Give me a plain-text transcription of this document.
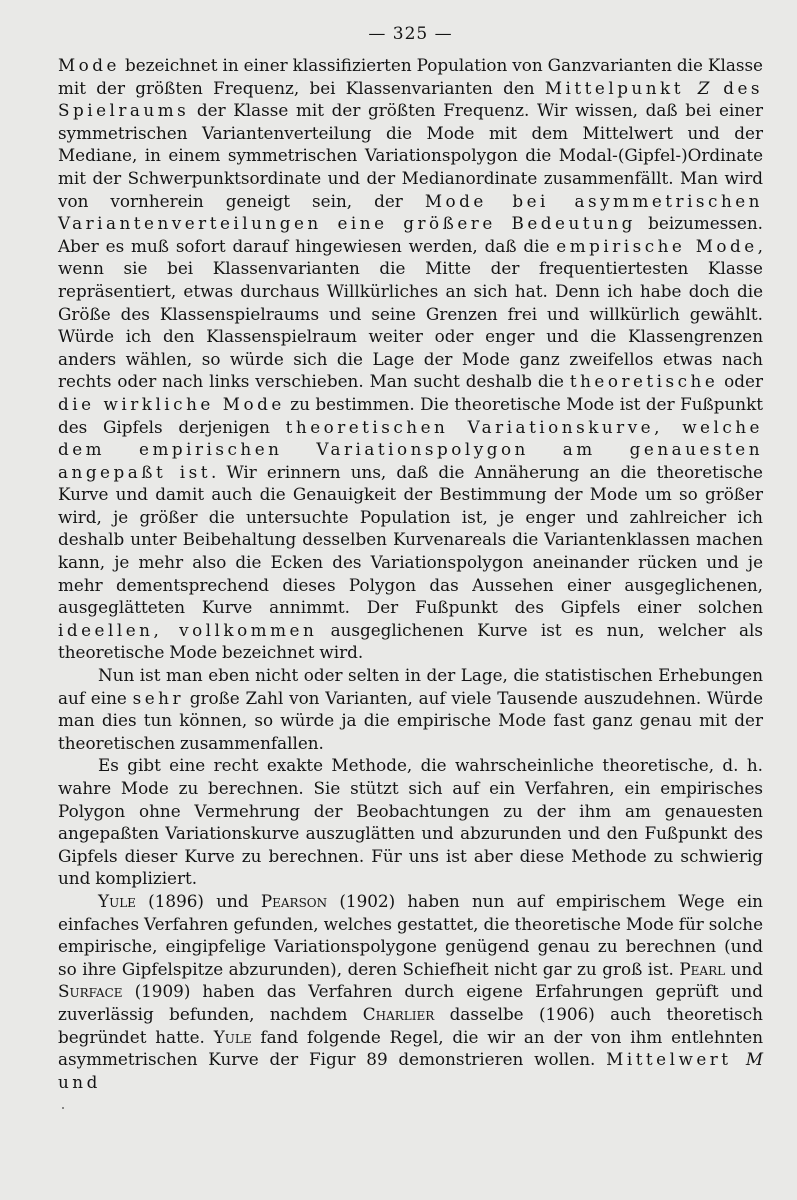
— 325 —

Mode bezeichnet in einer klassifizierten Population von Ganzvarianten die Klasse mit der größten Frequenz, bei Klassenvarianten den Mittelpunkt Z des Spielraums der Klasse mit der größten Frequenz. Wir wissen, daß bei einer symmetrischen Variantenverteilung die Mode mit dem Mittelwert und der Mediane, in einem symmetrischen Variationspolygon die Modal-(Gipfel-)Ordinate mit der Schwerpunktsordinate und der Medianordinate zusammenfällt. Man wird von vornherein geneigt sein, der Mode bei asymmetrischen Variantenverteilungen eine größere Bedeutung beizumessen. Aber es muß sofort darauf hingewiesen werden, daß die empirische Mode, wenn sie bei Klassenvarianten die Mitte der frequentiertesten Klasse repräsentiert, etwas durchaus Willkürliches an sich hat. Denn ich habe doch die Größe des Klassenspielraums und seine Grenzen frei und willkürlich gewählt. Würde ich den Klassenspielraum weiter oder enger und die Klassengrenzen anders wählen, so würde sich die Lage der Mode ganz zweifellos etwas nach rechts oder nach links verschieben. Man sucht deshalb die theoretische oder die wirkliche Mode zu bestimmen. Die theoretische Mode ist der Fußpunkt des Gipfels derjenigen theoretischen Variationskurve, welche dem empirischen Variationspolygon am genauesten angepaßt ist. Wir erinnern uns, daß die Annäherung an die theoretische Kurve und damit auch die Genauigkeit der Bestimmung der Mode um so größer wird, je größer die untersuchte Population ist, je enger und zahlreicher ich deshalb unter Beibehaltung desselben Kurvenareals die Variantenklassen machen kann, je mehr also die Ecken des Variationspolygon aneinander rücken und je mehr dementsprechend dieses Polygon das Aussehen einer ausgeglichenen, ausgeglätteten Kurve annimmt. Der Fußpunkt des Gipfels einer solchen ideellen, vollkommen ausgeglichenen Kurve ist es nun, welcher als theoretische Mode bezeichnet wird.

Nun ist man eben nicht oder selten in der Lage, die statistischen Erhebungen auf eine sehr große Zahl von Varianten, auf viele Tausende auszudehnen. Würde man dies tun können, so würde ja die empirische Mode fast ganz genau mit der theoretischen zusammenfallen.

Es gibt eine recht exakte Methode, die wahrscheinliche theoretische, d. h. wahre Mode zu berechnen. Sie stützt sich auf ein Verfahren, ein empirisches Polygon ohne Vermehrung der Beobachtungen zu der ihm am genauesten angepaßten Variationskurve auszuglätten und abzurunden und den Fußpunkt des Gipfels dieser Kurve zu berechnen. Für uns ist aber diese Methode zu schwierig und kompliziert.

Yule (1896) und Pearson (1902) haben nun auf empirischem Wege ein einfaches Verfahren gefunden, welches gestattet, die theoretische Mode für solche empirische, eingipfelige Variationspolygone genügend genau zu berechnen (und so ihre Gipfelspitze abzurunden), deren Schiefheit nicht gar zu groß ist. Pearl und Surface (1909) haben das Verfahren durch eigene Erfahrungen geprüft und zuverlässig befunden, nachdem Charlier dasselbe (1906) auch theoretisch begründet hatte. Yule fand folgende Regel, die wir an der von ihm entlehnten asymmetrischen Kurve der Figur 89 demonstrieren wollen. Mittelwert M und
